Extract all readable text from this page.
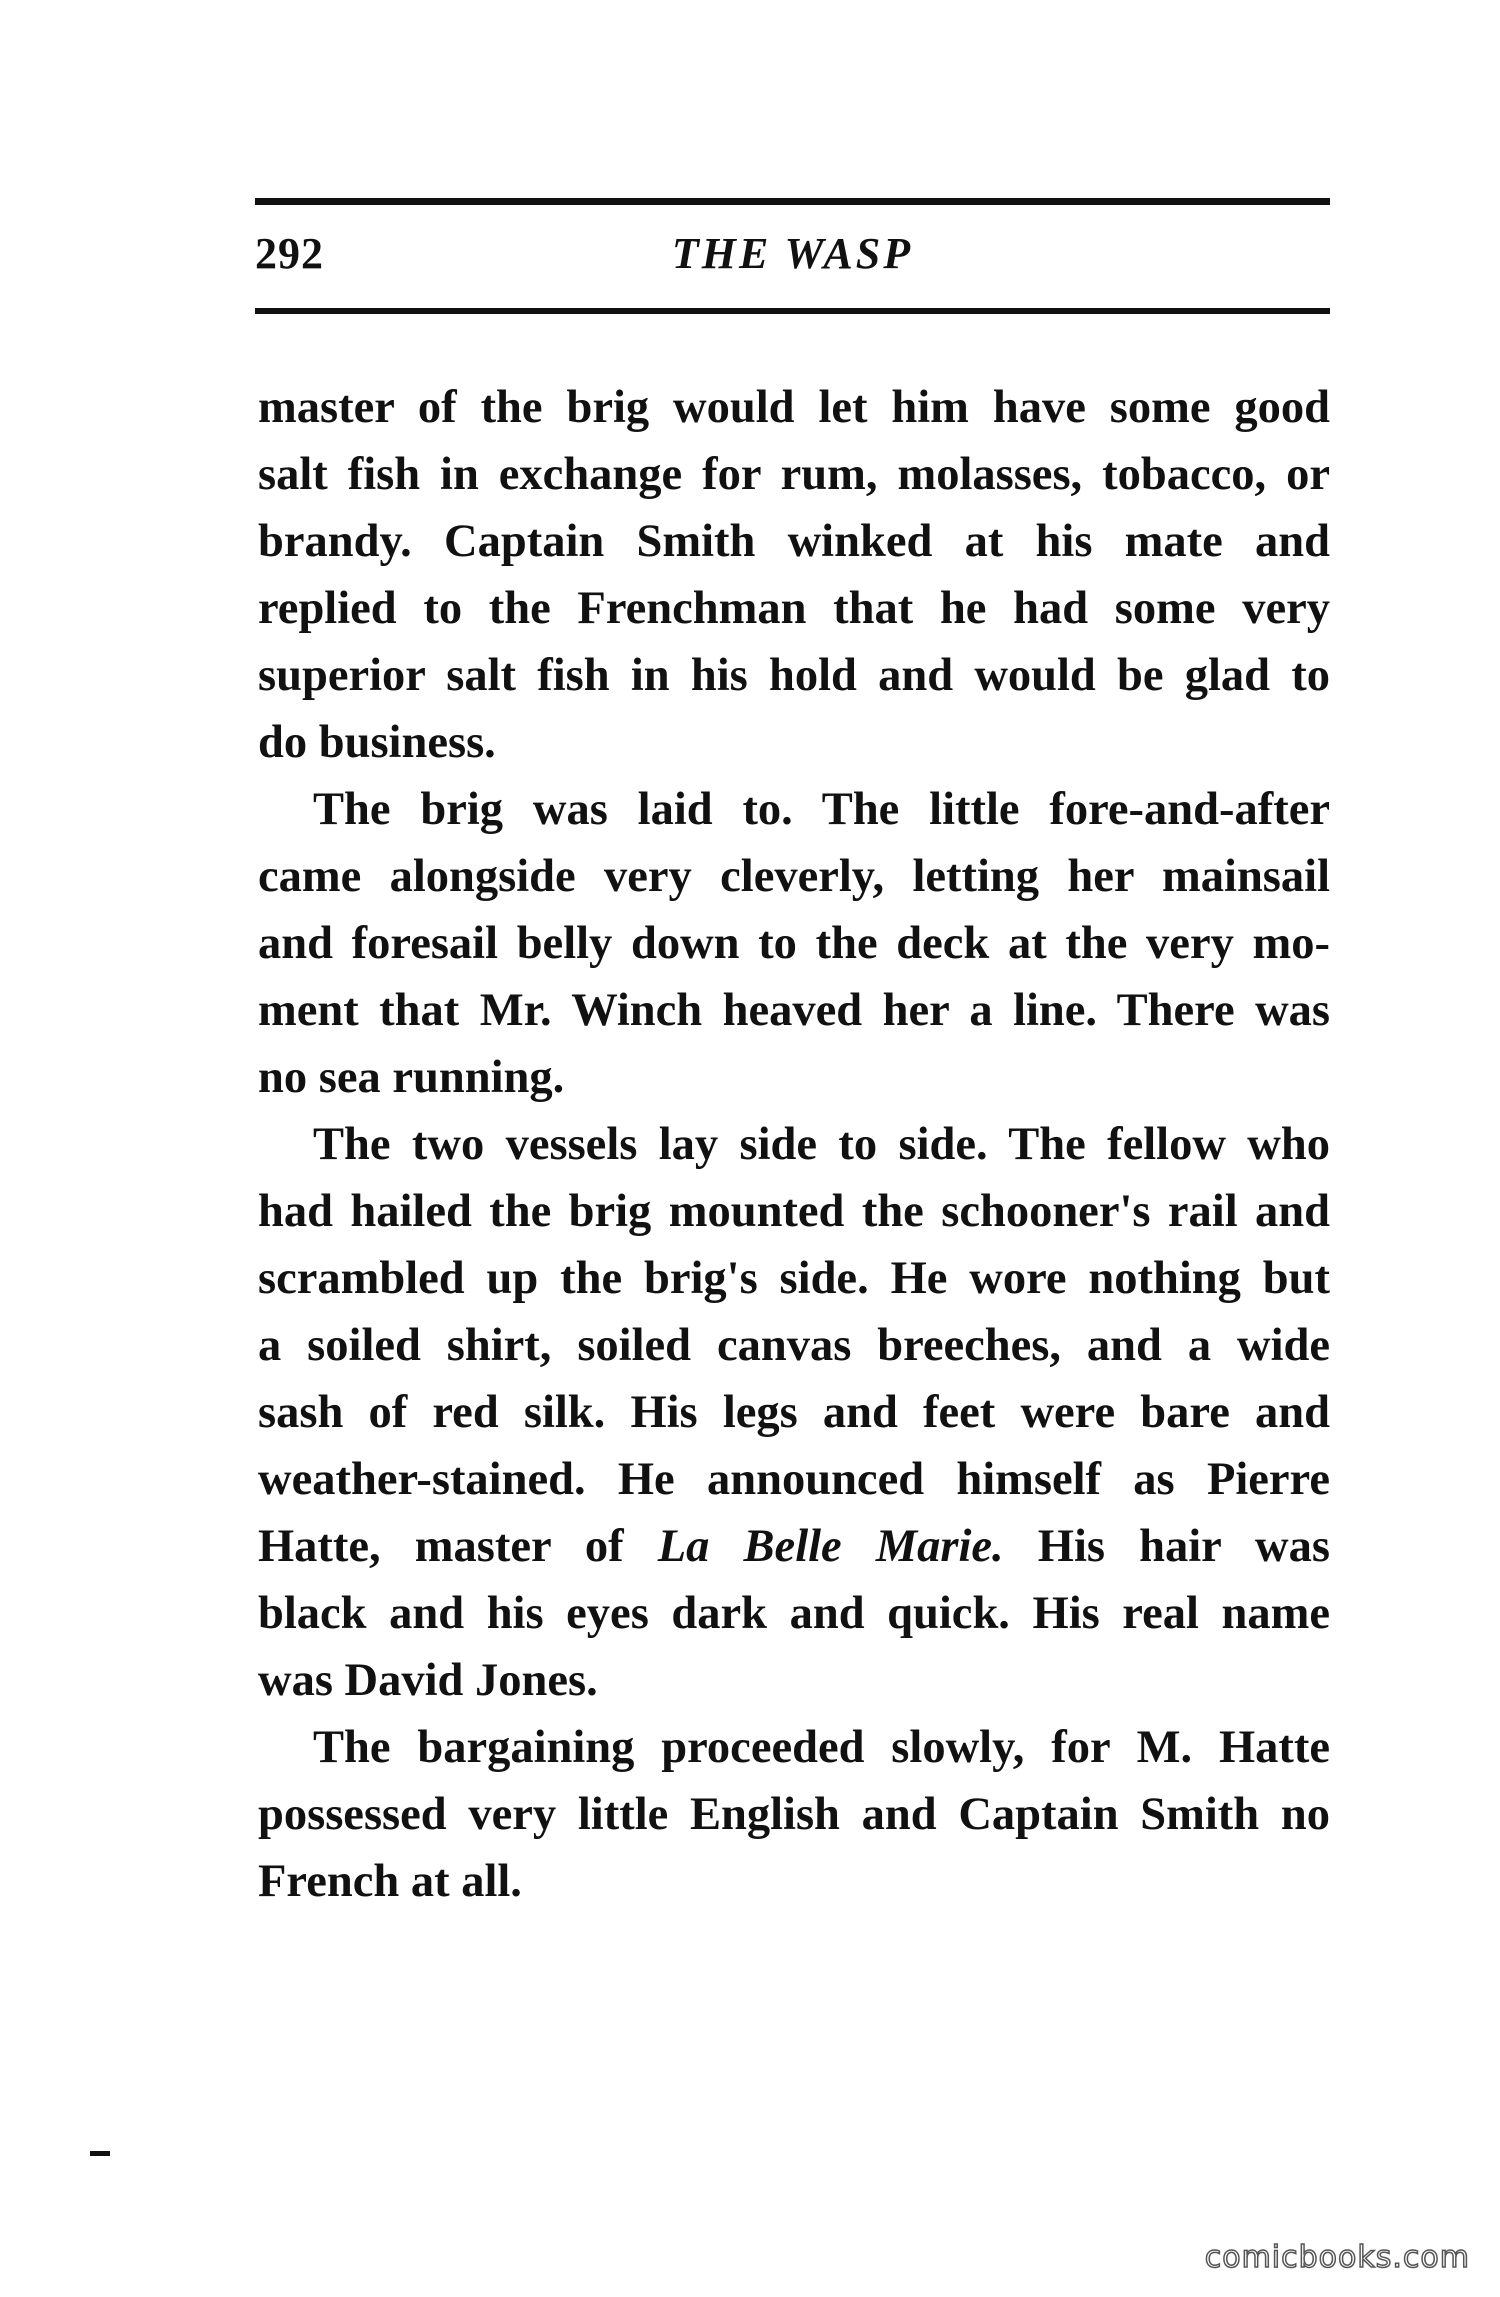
292	THE WASP

master of the brig would let him have some good
salt fish in exchange for rum, molasses, tobacco, or
brandy. Captain Smith winked at his mate and
replied to the Frenchman that he had some very
superior salt fish in his hold and would be glad to
do business.

The brig was laid to. The little fore-and-after
came alongside very cleverly, letting her mainsail
and foresail belly down to the deck at the very mo-
ment that Mr. Winch heaved her a line. There was
no sea running.

The two vessels lay side to side. The fellow who
had hailed the brig mounted the schooner's rail and
scrambled up the brig's side. He wore nothing but
a soiled shirt, soiled canvas breeches, and a wide
sash of red silk. His legs and feet were bare and
weather-stained. He announced himself as Pierre
Hatte, master of La Belle Marie. His hair was
black and his eyes dark and quick. His real name
was David Jones.

The bargaining proceeded slowly, for M. Hatte
possessed very little English and Captain Smith no
French at all.

comicbooks.com
